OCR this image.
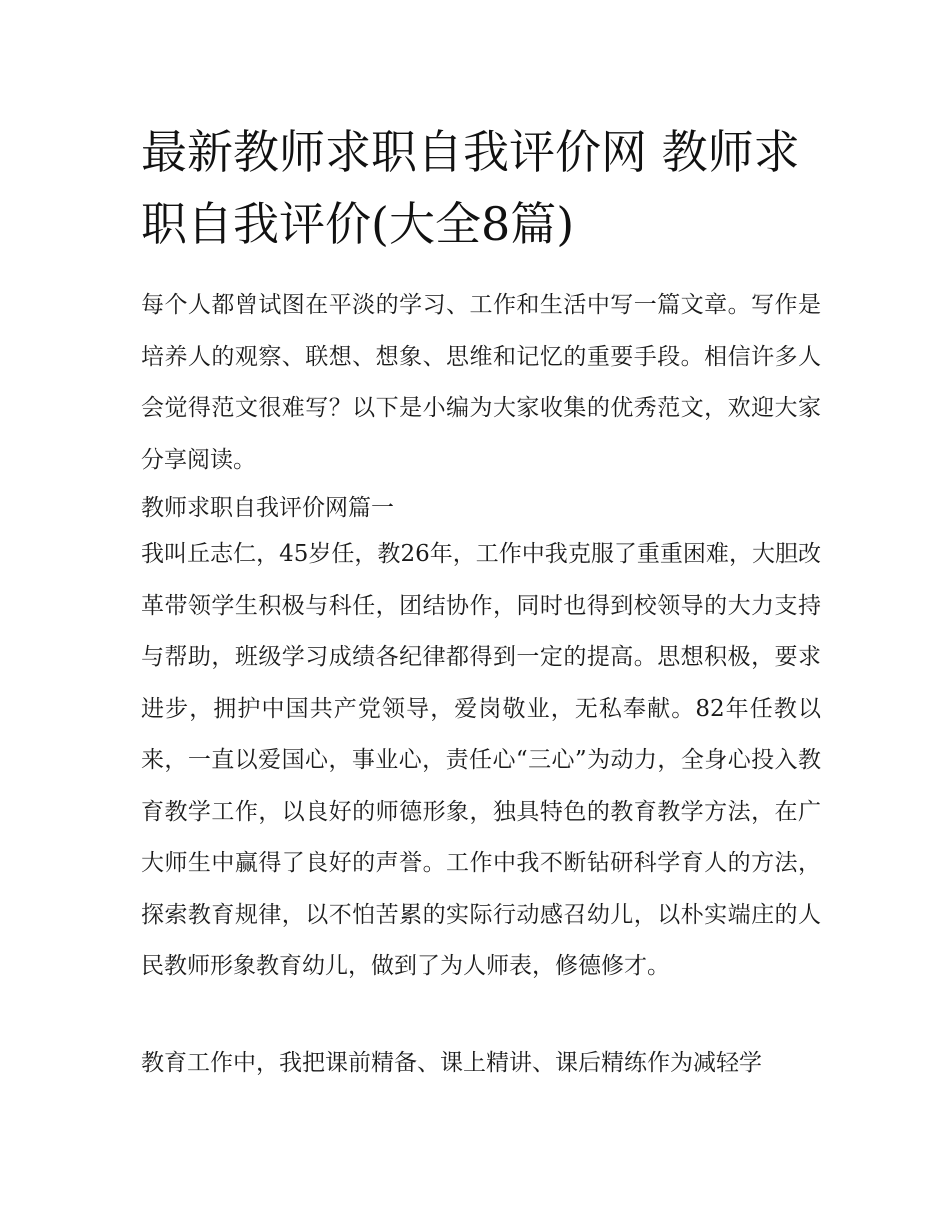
最新教师求职自我评价网 教师求职自我评价(大全8篇)

每个人都曾试图在平淡的学习、工作和生活中写一篇文章。写作是培养人的观察、联想、想象、思维和记忆的重要手段。相信许多人会觉得范文很难写？以下是小编为大家收集的优秀范文，欢迎大家分享阅读。

教师求职自我评价网篇一

我叫丘志仁，45岁任，教26年，工作中我克服了重重困难，大胆改革带领学生积极与科任，团结协作，同时也得到校领导的大力支持与帮助，班级学习成绩各纪律都得到一定的提高。思想积极，要求进步，拥护中国共产党领导，爱岗敬业，无私奉献。82年任教以来，一直以爱国心，事业心，责任心“三心”为动力，全身心投入教育教学工作，以良好的师德形象，独具特色的教育教学方法，在广大师生中赢得了良好的声誉。工作中我不断钻研科学育人的方法，探索教育规律，以不怕苦累的实际行动感召幼儿，以朴实端庄的人民教师形象教育幼儿，做到了为人师表，修德修才。

教育工作中，我把课前精备、课上精讲、课后精练作为减轻学
